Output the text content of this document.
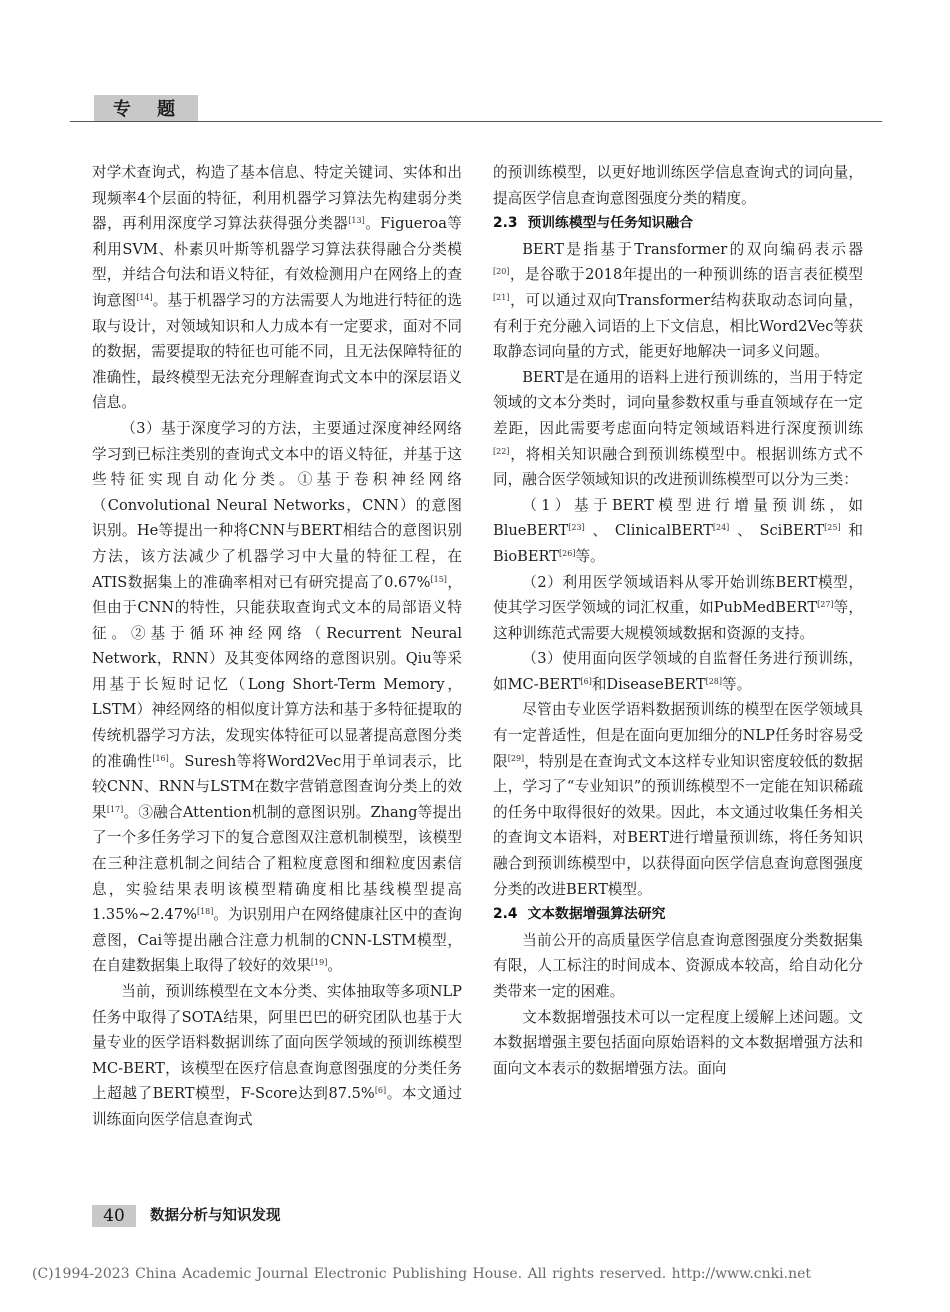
专 题

对学术查询式，构造了基本信息、特定关键词、实体和出现频率4个层面的特征，利用机器学习算法先构建弱分类器，再利用深度学习算法获得强分类器[13]。Figueroa等利用SVM、朴素贝叶斯等机器学习算法获得融合分类模型，并结合句法和语义特征，有效检测用户在网络上的查询意图[14]。基于机器学习的方法需要人为地进行特征的选取与设计，对领域知识和人力成本有一定要求，面对不同的数据，需要提取的特征也可能不同，且无法保障特征的准确性，最终模型无法充分理解查询式文本中的深层语义信息。

（3）基于深度学习的方法，主要通过深度神经网络学习到已标注类别的查询式文本中的语义特征，并基于这些特征实现自动化分类。①基于卷积神经网络（Convolutional Neural Networks，CNN）的意图识别。He等提出一种将CNN与BERT相结合的意图识别方法，该方法减少了机器学习中大量的特征工程，在ATIS数据集上的准确率相对已有研究提高了0.67%[15]，但由于CNN的特性，只能获取查询式文本的局部语义特征。②基于循环神经网络（Recurrent Neural Network，RNN）及其变体网络的意图识别。Qiu等采用基于长短时记忆（Long Short-Term Memory，LSTM）神经网络的相似度计算方法和基于多特征提取的传统机器学习方法，发现实体特征可以显著提高意图分类的准确性[16]。Suresh等将Word2Vec用于单词表示，比较CNN、RNN与LSTM在数字营销意图查询分类上的效果[17]。③融合Attention机制的意图识别。Zhang等提出了一个多任务学习下的复合意图双注意机制模型，该模型在三种注意机制之间结合了粗粒度意图和细粒度因素信息，实验结果表明该模型精确度相比基线模型提高1.35%~2.47%[18]。为识别用户在网络健康社区中的查询意图，Cai等提出融合注意力机制的CNN-LSTM模型，在自建数据集上取得了较好的效果[19]。

当前，预训练模型在文本分类、实体抽取等多项NLP任务中取得了SOTA结果，阿里巴巴的研究团队也基于大量专业的医学语料数据训练了面向医学领域的预训练模型MC-BERT，该模型在医疗信息查询意图强度的分类任务上超越了BERT模型，F-Score达到87.5%[6]。本文通过训练面向医学信息查询式

的预训练模型，以更好地训练医学信息查询式的词向量，提高医学信息查询意图强度分类的精度。

2.3 预训练模型与任务知识融合

BERT是指基于Transformer的双向编码表示器[20]，是谷歌于2018年提出的一种预训练的语言表征模型[21]，可以通过双向Transformer结构获取动态词向量，有利于充分融入词语的上下文信息，相比Word2Vec等获取静态词向量的方式，能更好地解决一词多义问题。

BERT是在通用的语料上进行预训练的，当用于特定领域的文本分类时，词向量参数权重与垂直领域存在一定差距，因此需要考虑面向特定领域语料进行深度预训练[22]，将相关知识融合到预训练模型中。根据训练方式不同，融合医学领域知识的改进预训练模型可以分为三类：

（1）基于BERT模型进行增量预训练，如BlueBERT[23]、ClinicalBERT[24]、SciBERT[25]和BioBERT[26]等。

（2）利用医学领域语料从零开始训练BERT模型，使其学习医学领域的词汇权重，如PubMedBERT[27]等，这种训练范式需要大规模领域数据和资源的支持。

（3）使用面向医学领域的自监督任务进行预训练，如MC-BERT[6]和DiseaseBERT[28]等。

尽管由专业医学语料数据预训练的模型在医学领域具有一定普适性，但是在面向更加细分的NLP任务时容易受限[29]，特别是在查询式文本这样专业知识密度较低的数据上，学习了“专业知识”的预训练模型不一定能在知识稀疏的任务中取得很好的效果。因此，本文通过收集任务相关的查询文本语料，对BERT进行增量预训练，将任务知识融合到预训练模型中，以获得面向医学信息查询意图强度分类的改进BERT模型。

2.4 文本数据增强算法研究

当前公开的高质量医学信息查询意图强度分类数据集有限，人工标注的时间成本、资源成本较高，给自动化分类带来一定的困难。

文本数据增强技术可以一定程度上缓解上述问题。文本数据增强主要包括面向原始语料的文本数据增强方法和面向文本表示的数据增强方法。面向

40	数据分析与知识发现
(C)1994-2023 China Academic Journal Electronic Publishing House. All rights reserved. http://www.cnki.net
